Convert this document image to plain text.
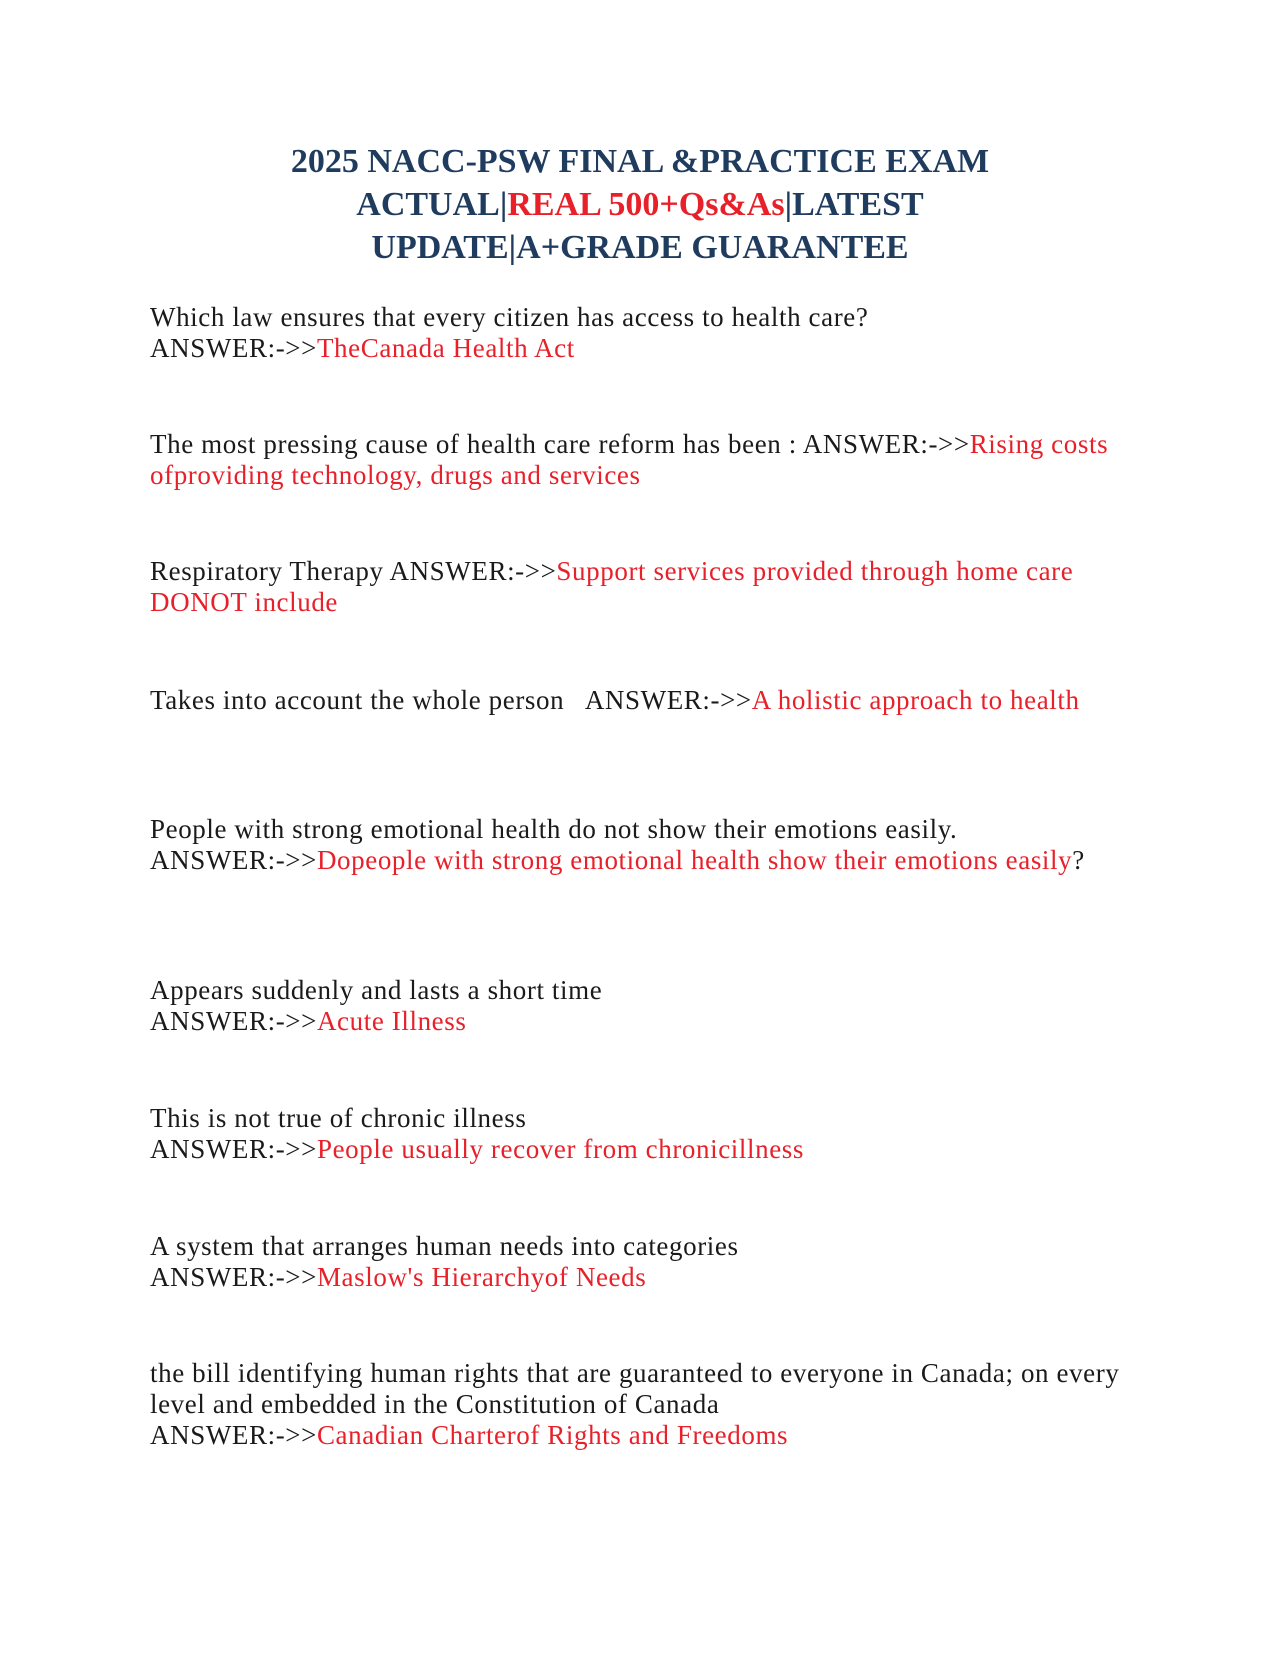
2025 NACC-PSW FINAL &PRACTICE EXAM
ACTUAL|REAL 500+Qs&As|LATEST
UPDATE|A+GRADE GUARANTEE

Which law ensures that every citizen has access to health care?
ANSWER:->>TheCanada Health Act

The most pressing cause of health care reform has been : ANSWER:->>Rising costs ofproviding technology, drugs and services

Respiratory Therapy ANSWER:->>Support services provided through home care DONOT include

Takes into account the whole person ANSWER:->>A holistic approach to health

People with strong emotional health do not show their emotions easily.
ANSWER:->>Dopeople with strong emotional health show their emotions easily?

Appears suddenly and lasts a short time
ANSWER:->>Acute Illness

This is not true of chronic illness
ANSWER:->>People usually recover from chronicillness

A system that arranges human needs into categories
ANSWER:->>Maslow's Hierarchyof Needs

the bill identifying human rights that are guaranteed to everyone in Canada; on every level and embedded in the Constitution of Canada
ANSWER:->>Canadian Charterof Rights and Freedoms
